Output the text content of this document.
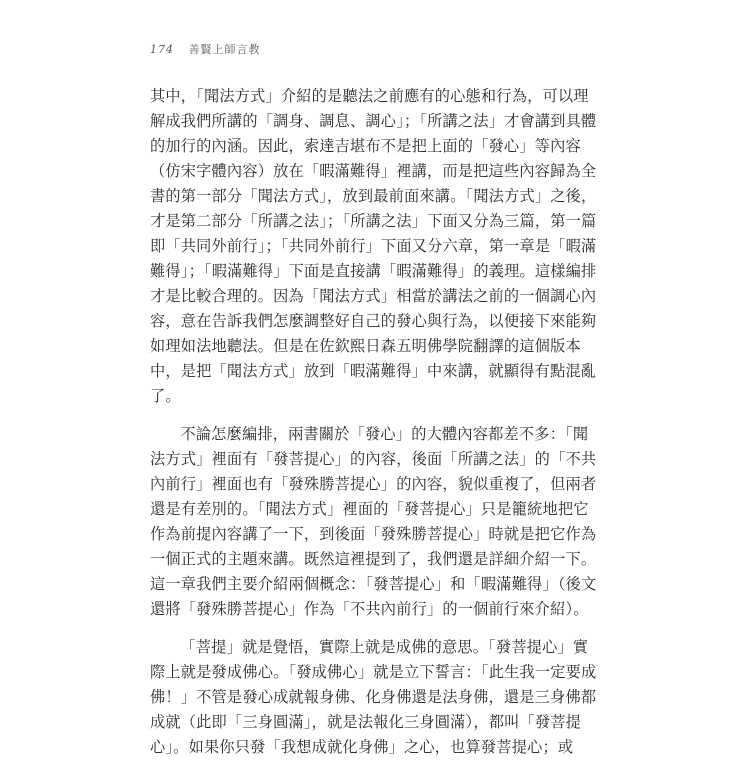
174 善賢上師言教

其中，「聞法方式」介紹的是聽法之前應有的心態和行為，可以理解成我們所講的「調身、調息、調心」；「所講之法」才會講到具體的加行的內涵。因此，索達吉堪布不是把上面的「發心」等內容（仿宋字體內容）放在「暇滿難得」裡講，而是把這些內容歸為全書的第一部分「聞法方式」，放到最前面來講。「聞法方式」之後，才是第二部分「所講之法」；「所講之法」下面又分為三篇，第一篇即「共同外前行」；「共同外前行」下面又分六章，第一章是「暇滿難得」；「暇滿難得」下面是直接講「暇滿難得」的義理。這樣編排才是比較合理的。因為「聞法方式」相當於講法之前的一個調心內容，意在告訴我們怎麼調整好自己的發心與行為，以便接下來能夠如理如法地聽法。但是在佐欽熙日森五明佛學院翻譯的這個版本中，是把「聞法方式」放到「暇滿難得」中來講，就顯得有點混亂了。

不論怎麼編排，兩書關於「發心」的大體內容都差不多：「聞法方式」裡面有「發菩提心」的內容，後面「所講之法」的「不共內前行」裡面也有「發殊勝菩提心」的內容，貌似重複了，但兩者還是有差別的。「聞法方式」裡面的「發菩提心」只是籠統地把它作為前提內容講了一下，到後面「發殊勝菩提心」時就是把它作為一個正式的主題來講。既然這裡提到了，我們還是詳細介紹一下。這一章我們主要介紹兩個概念：「發菩提心」和「暇滿難得」（後文還將「發殊勝菩提心」作為「不共內前行」的一個前行來介紹）。

「菩提」就是覺悟，實際上就是成佛的意思。「發菩提心」實際上就是發成佛心。「發成佛心」就是立下誓言：「此生我一定要成佛！」不管是發心成就報身佛、化身佛還是法身佛，還是三身佛都成就（此即「三身圓滿」，就是法報化三身圓滿），都叫「發菩提心」。如果你只發「我想成就化身佛」之心，也算發菩提心；或
